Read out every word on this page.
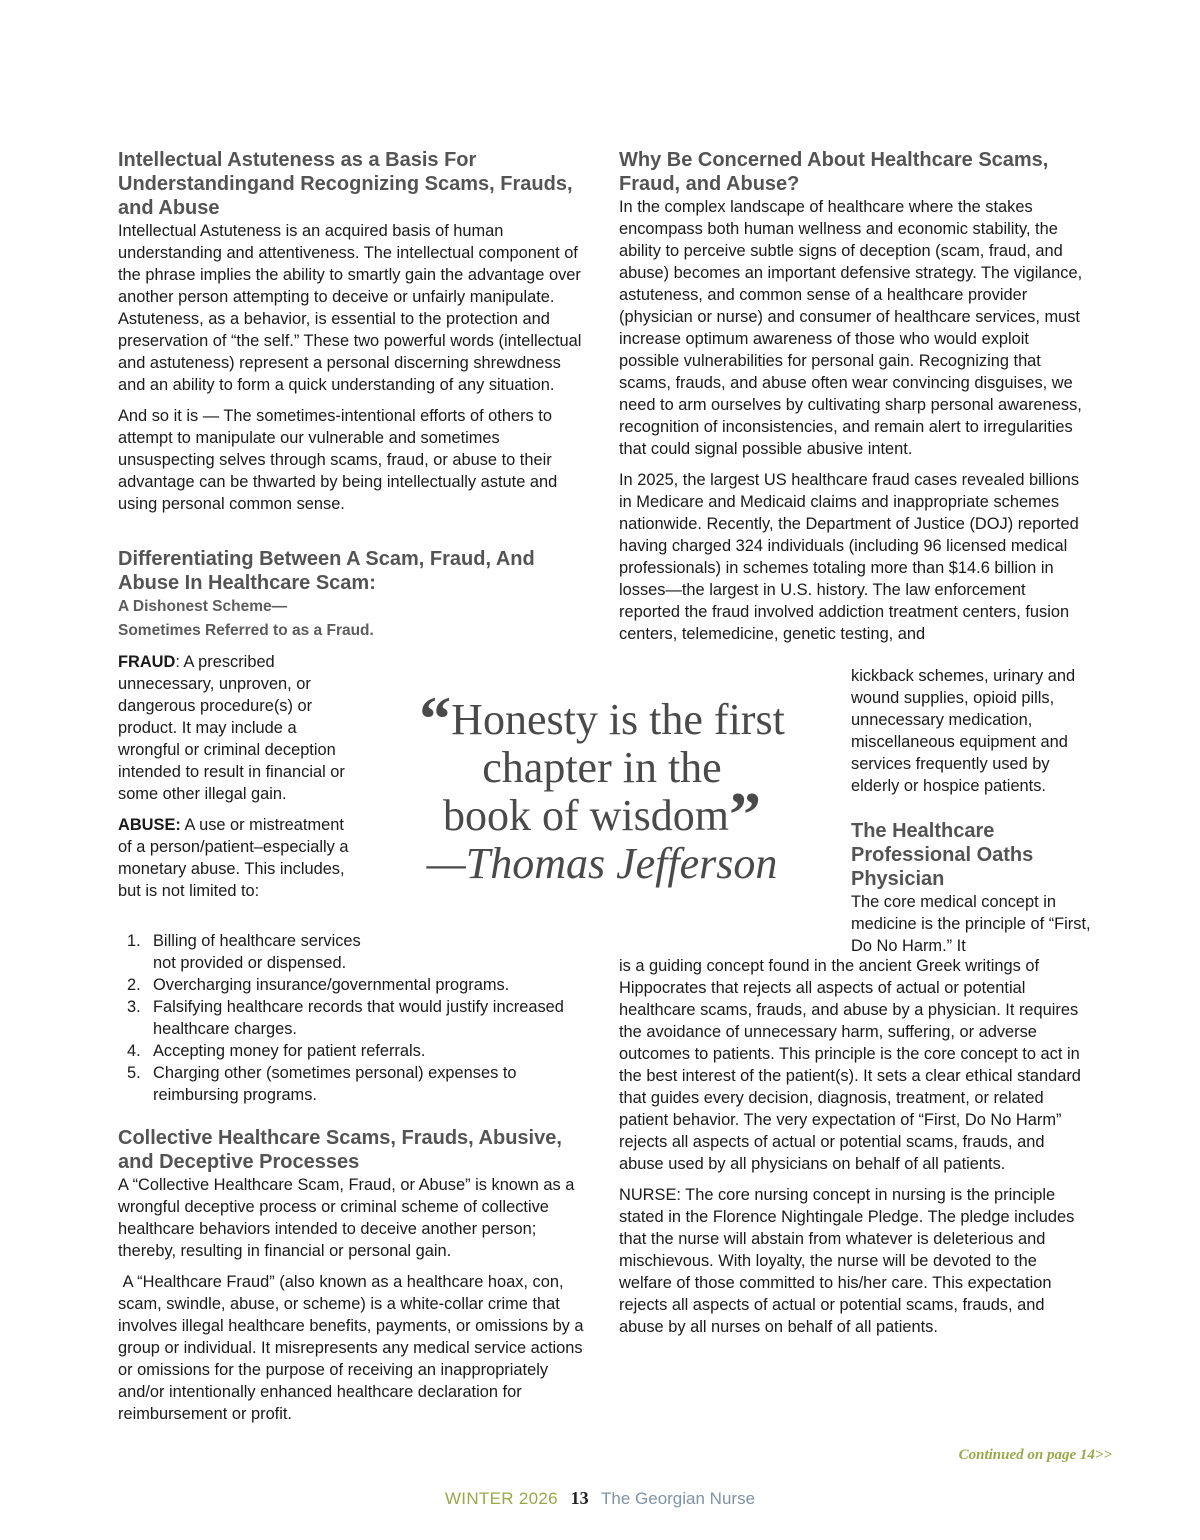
Intellectual Astuteness as a Basis For Understandingand Recognizing Scams, Frauds, and Abuse

Intellectual Astuteness is an acquired basis of human understanding and attentiveness. The intellectual component of the phrase implies the ability to smartly gain the advantage over another person attempting to deceive or unfairly manipulate. Astuteness, as a behavior, is essential to the protection and preservation of “the self.” These two powerful words (intellectual and astuteness) represent a personal discerning shrewdness and an ability to form a quick understanding of any situation.

And so it is — The sometimes-intentional efforts of others to attempt to manipulate our vulnerable and sometimes unsuspecting selves through scams, fraud, or abuse to their advantage can be thwarted by being intellectually astute and using personal common sense.

Differentiating Between A Scam, Fraud, And Abuse In Healthcare Scam:
A Dishonest Scheme—
Sometimes Referred to as a Fraud.

FRAUD: A prescribed unnecessary, unproven, or dangerous procedure(s) or product. It may include a wrongful or criminal deception intended to result in financial or some other illegal gain.

ABUSE: A use or mistreatment of a person/patient–especially a monetary abuse. This includes, but is not limited to:

1. Billing of healthcare services not provided or dispensed.
2. Overcharging insurance/governmental programs.
3. Falsifying healthcare records that would justify increased healthcare charges.
4. Accepting money for patient referrals.
5. Charging other (sometimes personal) expenses to reimbursing programs.
Collective Healthcare Scams, Frauds, Abusive, and Deceptive Processes

A “Collective Healthcare Scam, Fraud, or Abuse” is known as a wrongful deceptive process or criminal scheme of collective healthcare behaviors intended to deceive another person; thereby, resulting in financial or personal gain.

A “Healthcare Fraud” (also known as a healthcare hoax, con, scam, swindle, abuse, or scheme) is a white-collar crime that involves illegal healthcare benefits, payments, or omissions by a group or individual. It misrepresents any medical service actions or omissions for the purpose of receiving an inappropriately and/or intentionally enhanced healthcare declaration for reimbursement or profit.

Why Be Concerned About Healthcare Scams, Fraud, and Abuse?

In the complex landscape of healthcare where the stakes encompass both human wellness and economic stability, the ability to perceive subtle signs of deception (scam, fraud, and abuse) becomes an important defensive strategy. The vigilance, astuteness, and common sense of a healthcare provider (physician or nurse) and consumer of healthcare services, must increase optimum awareness of those who would exploit possible vulnerabilities for personal gain. Recognizing that scams, frauds, and abuse often wear convincing disguises, we need to arm ourselves by cultivating sharp personal awareness, recognition of inconsistencies, and remain alert to irregularities that could signal possible abusive intent.

In 2025, the largest US healthcare fraud cases revealed billions in Medicare and Medicaid claims and inappropriate schemes nationwide. Recently, the Department of Justice (DOJ) reported having charged 324 individuals (including 96 licensed medical professionals) in schemes totaling more than $14.6 billion in losses—the largest in U.S. history. The law enforcement reported the fraud involved addiction treatment centers, fusion centers, telemedicine, genetic testing, and

kickback schemes, urinary and wound supplies, opioid pills, unnecessary medication, miscellaneous equipment and services frequently used by elderly or hospice patients.

The Healthcare Professional Oaths Physician

The core medical concept in medicine is the principle of “First, Do No Harm.” It

is a guiding concept found in the ancient Greek writings of Hippocrates that rejects all aspects of actual or potential healthcare scams, frauds, and abuse by a physician. It requires the avoidance of unnecessary harm, suffering, or adverse outcomes to patients. This principle is the core concept to act in the best interest of the patient(s). It sets a clear ethical standard that guides every decision, diagnosis, treatment, or related patient behavior. The very expectation of “First, Do No Harm” rejects all aspects of actual or potential scams, frauds, and abuse used by all physicians on behalf of all patients.

NURSE: The core nursing concept in nursing is the principle stated in the Florence Nightingale Pledge. The pledge includes that the nurse will abstain from whatever is deleterious and mischievous. With loyalty, the nurse will be devoted to the welfare of those committed to his/her care. This expectation rejects all aspects of actual or potential scams, frauds, and abuse by all nurses on behalf of all patients.

“Honesty is the first
chapter in the
book of wisdom”
—Thomas Jefferson
Continued on page 14>>
WINTER 2026 13 The Georgian Nurse
